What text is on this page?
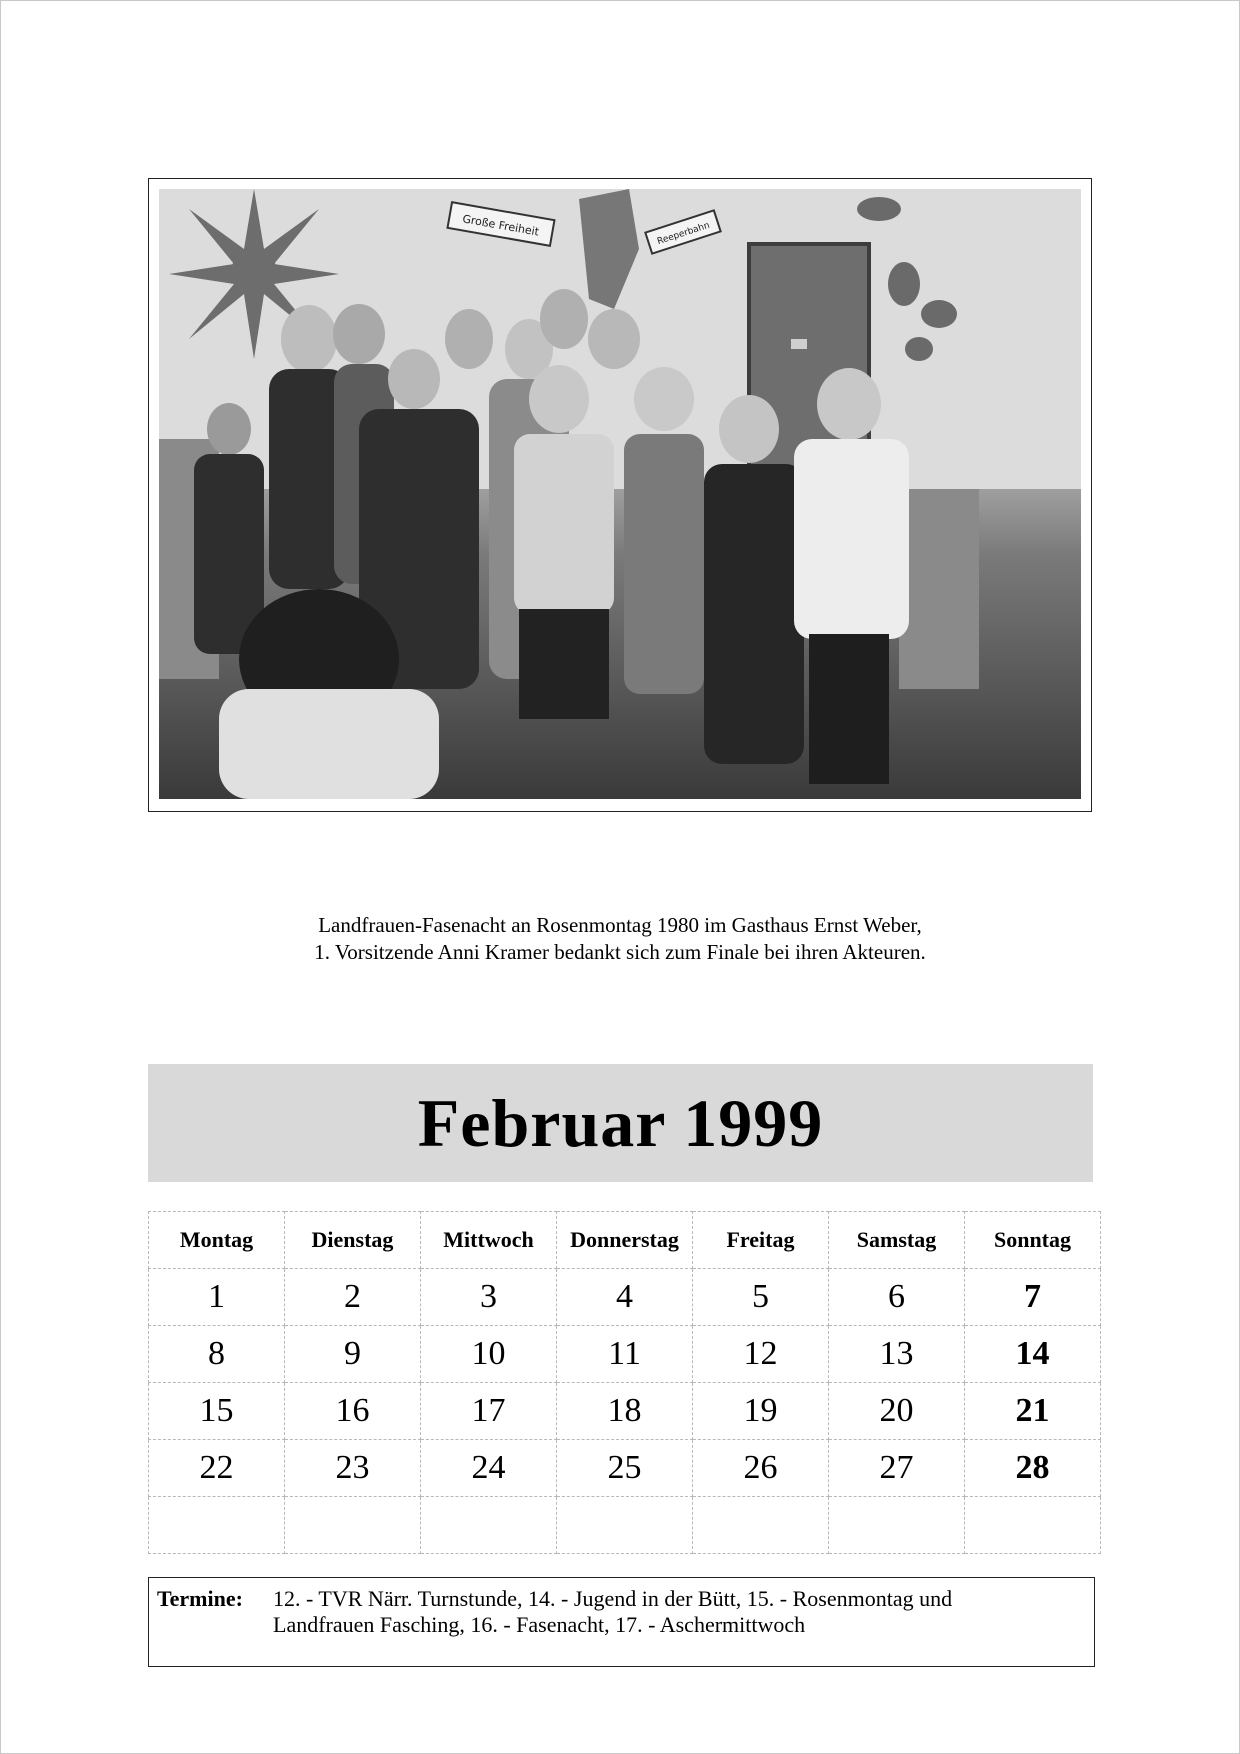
Große Freiheit	Reeperbahn
Landfrauen-Fasenacht an Rosenmontag 1980 im Gasthaus Ernst Weber,
1. Vorsitzende Anni Kramer bedankt sich zum Finale bei ihren Akteuren.
Februar 1999
Montag	Dienstag	Mittwoch	Donnerstag	Freitag	Samstag	Sonntag
1	2	3	4	5	6	7
8	9	10	11	12	13	14
15	16	17	18	19	20	21
22	23	24	25	26	27	28

Termine: 12. - TVR Närr. Turnstunde, 14. - Jugend in der Bütt, 15. - Rosenmontag und
Landfrauen Fasching, 16. - Fasenacht, 17. - Aschermittwoch
